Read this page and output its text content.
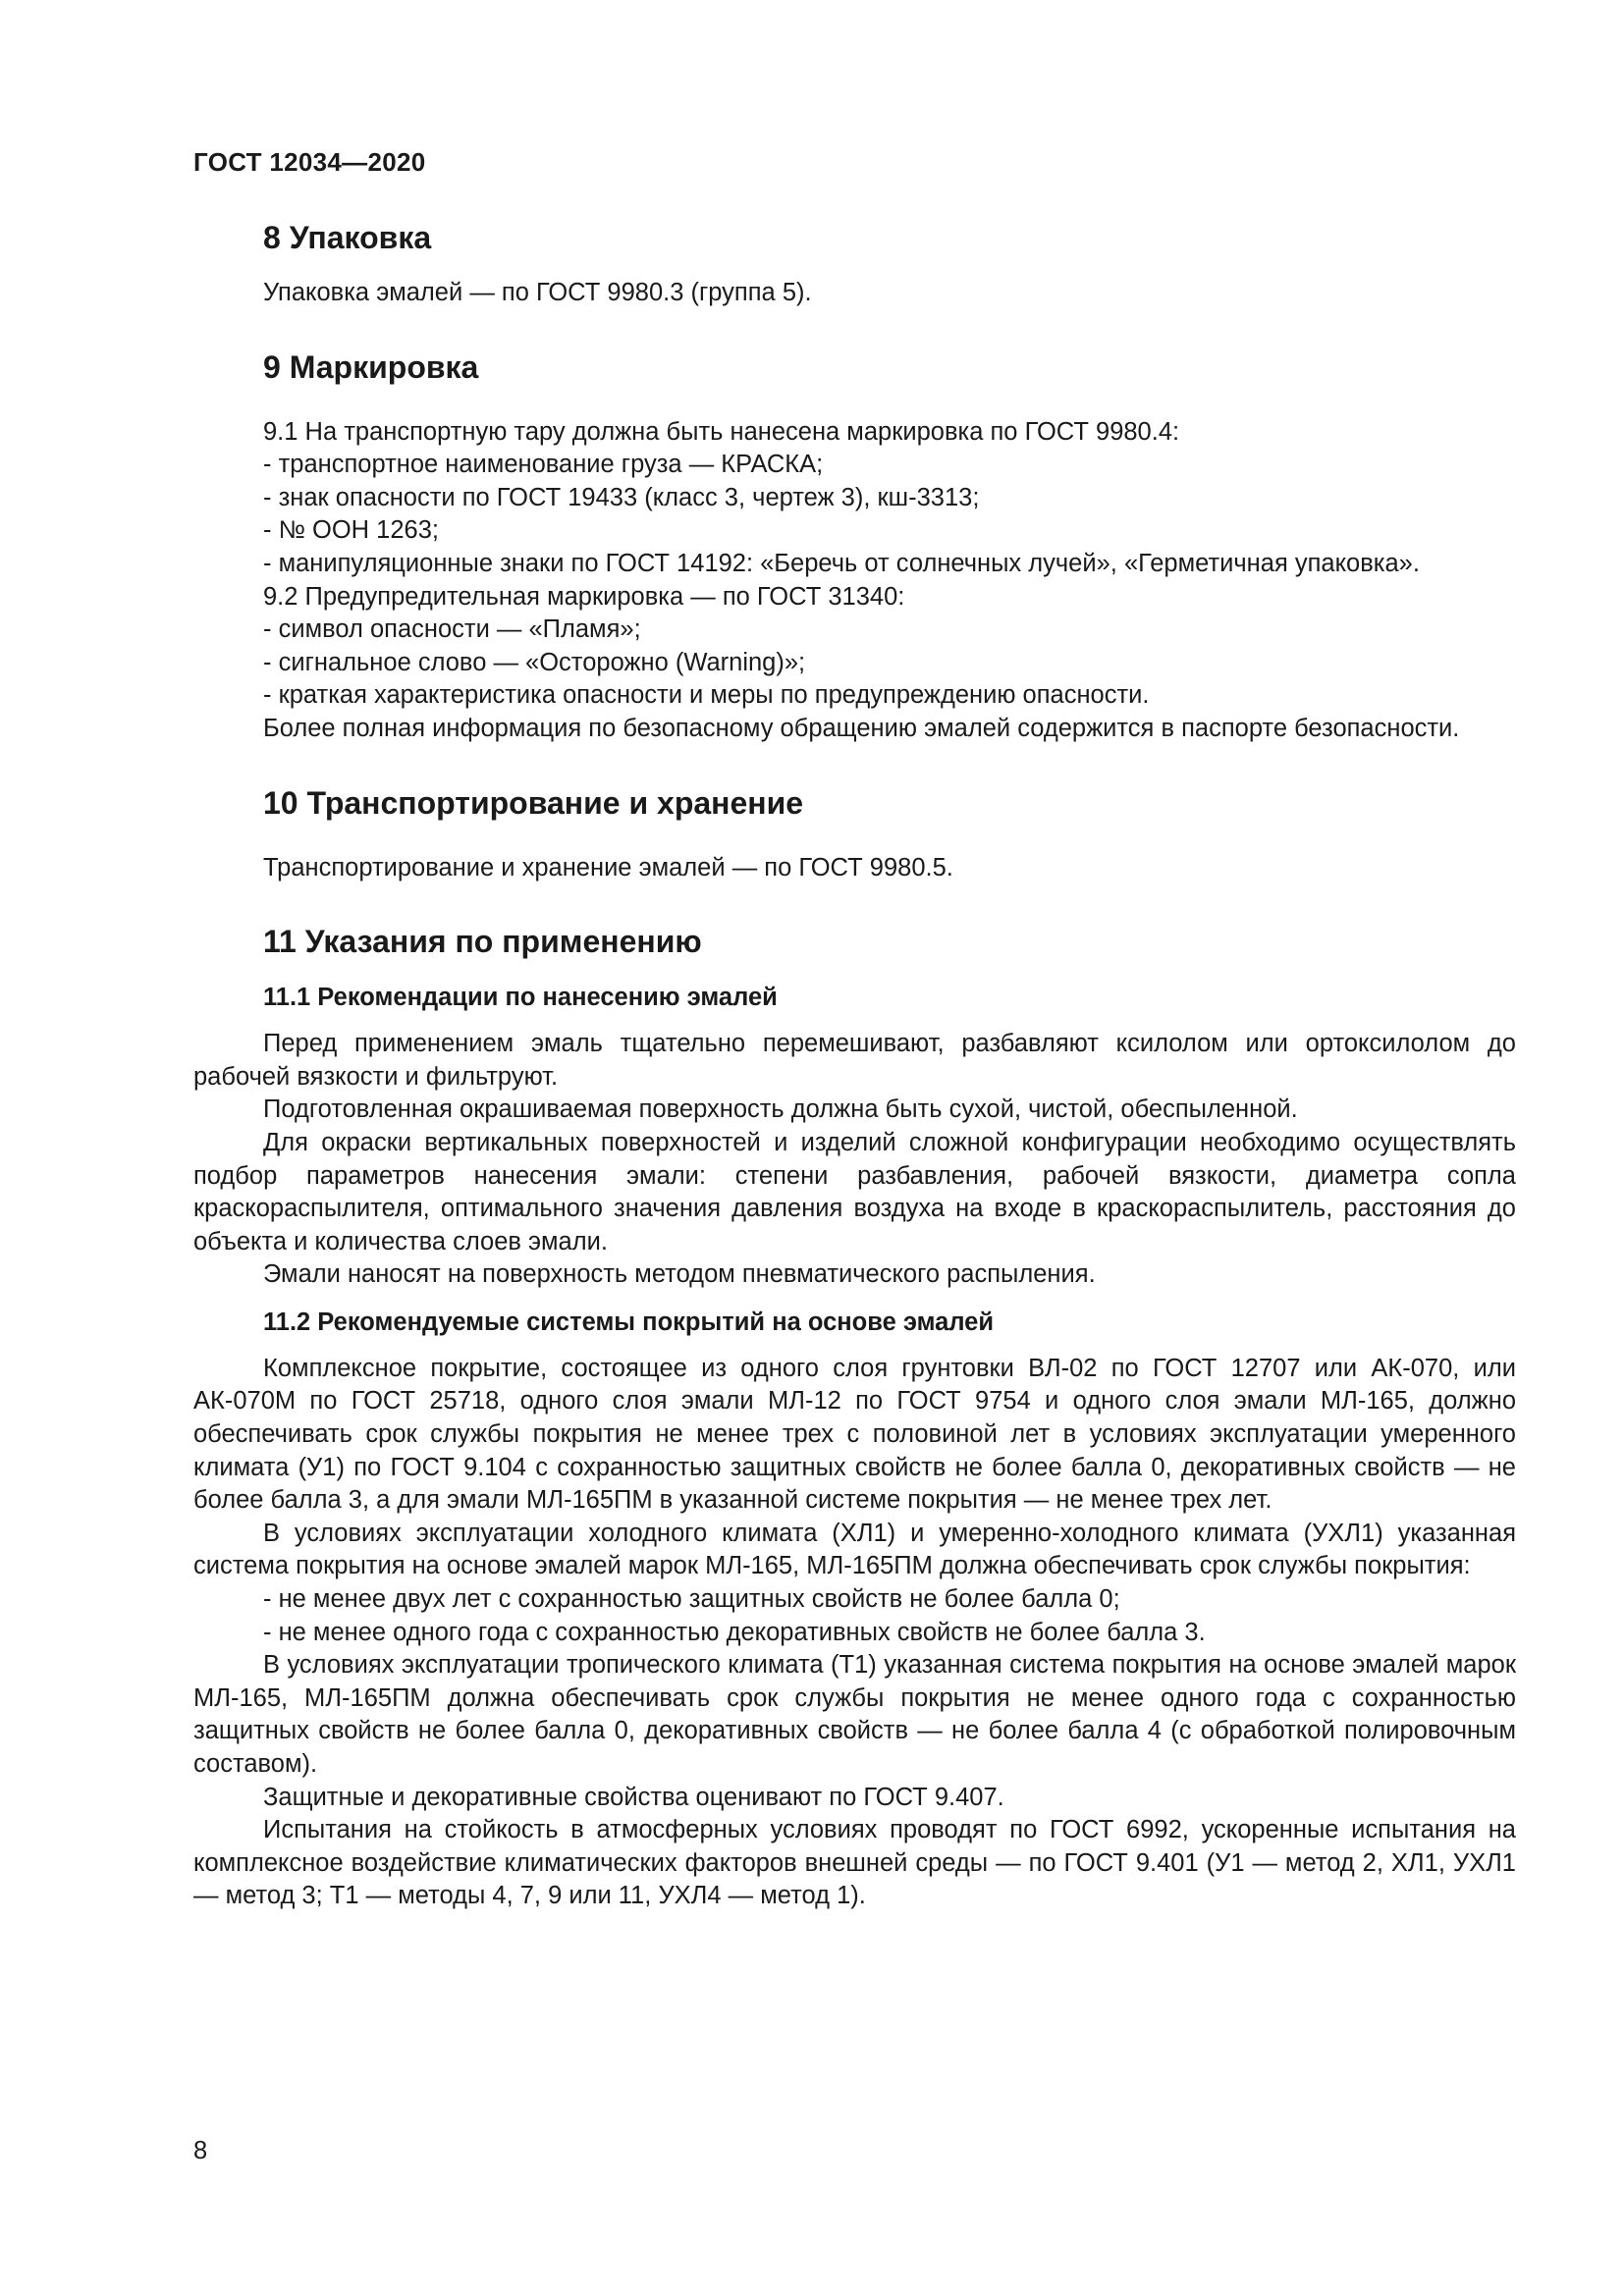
ГОСТ 12034—2020
8 Упаковка

Упаковка эмалей — по ГОСТ 9980.3 (группа 5).

9 Маркировка

9.1 На транспортную тару должна быть нанесена маркировка по ГОСТ 9980.4:

- транспортное наименование груза — КРАСКА;

- знак опасности по ГОСТ 19433 (класс 3, чертеж 3), кш-3313;

- № ООН 1263;

- манипуляционные знаки по ГОСТ 14192: «Беречь от солнечных лучей», «Герметичная упаковка».

9.2 Предупредительная маркировка — по ГОСТ 31340:

- символ опасности — «Пламя»;

- сигнальное слово — «Осторожно (Warning)»;

- краткая характеристика опасности и меры по предупреждению опасности.

Более полная информация по безопасному обращению эмалей содержится в паспорте безопасности.

10 Транспортирование и хранение

Транспортирование и хранение эмалей — по ГОСТ 9980.5.

11 Указания по применению
11.1 Рекомендации по нанесению эмалей

Перед применением эмаль тщательно перемешивают, разбавляют ксилолом или ортоксилолом до рабочей вязкости и фильтруют.

Подготовленная окрашиваемая поверхность должна быть сухой, чистой, обеспыленной.

Для окраски вертикальных поверхностей и изделий сложной конфигурации необходимо осуществлять подбор параметров нанесения эмали: степени разбавления, рабочей вязкости, диаметра сопла краскораспылителя, оптимального значения давления воздуха на входе в краскораспылитель, расстояния до объекта и количества слоев эмали.

Эмали наносят на поверхность методом пневматического распыления.

11.2 Рекомендуемые системы покрытий на основе эмалей

Комплексное покрытие, состоящее из одного слоя грунтовки ВЛ-02 по ГОСТ 12707 или АК-070, или АК-070М по ГОСТ 25718, одного слоя эмали МЛ-12 по ГОСТ 9754 и одного слоя эмали МЛ-165, должно обеспечивать срок службы покрытия не менее трех с половиной лет в условиях эксплуатации умеренного климата (У1) по ГОСТ 9.104 с сохранностью защитных свойств не более балла 0, декоративных свойств — не более балла 3, а для эмали МЛ-165ПМ в указанной системе покрытия — не менее трех лет.

В условиях эксплуатации холодного климата (ХЛ1) и умеренно-холодного климата (УХЛ1) указанная система покрытия на основе эмалей марок МЛ-165, МЛ-165ПМ должна обеспечивать срок службы покрытия:

- не менее двух лет с сохранностью защитных свойств не более балла 0;

- не менее одного года с сохранностью декоративных свойств не более балла 3.

В условиях эксплуатации тропического климата (Т1) указанная система покрытия на основе эмалей марок МЛ-165, МЛ-165ПМ должна обеспечивать срок службы покрытия не менее одного года с сохранностью защитных свойств не более балла 0, декоративных свойств — не более балла 4 (с обработкой полировочным составом).

Защитные и декоративные свойства оценивают по ГОСТ 9.407.

Испытания на стойкость в атмосферных условиях проводят по ГОСТ 6992, ускоренные испытания на комплексное воздействие климатических факторов внешней среды — по ГОСТ 9.401 (У1 — метод 2, ХЛ1, УХЛ1 — метод 3; Т1 — методы 4, 7, 9 или 11, УХЛ4 — метод 1).

8
